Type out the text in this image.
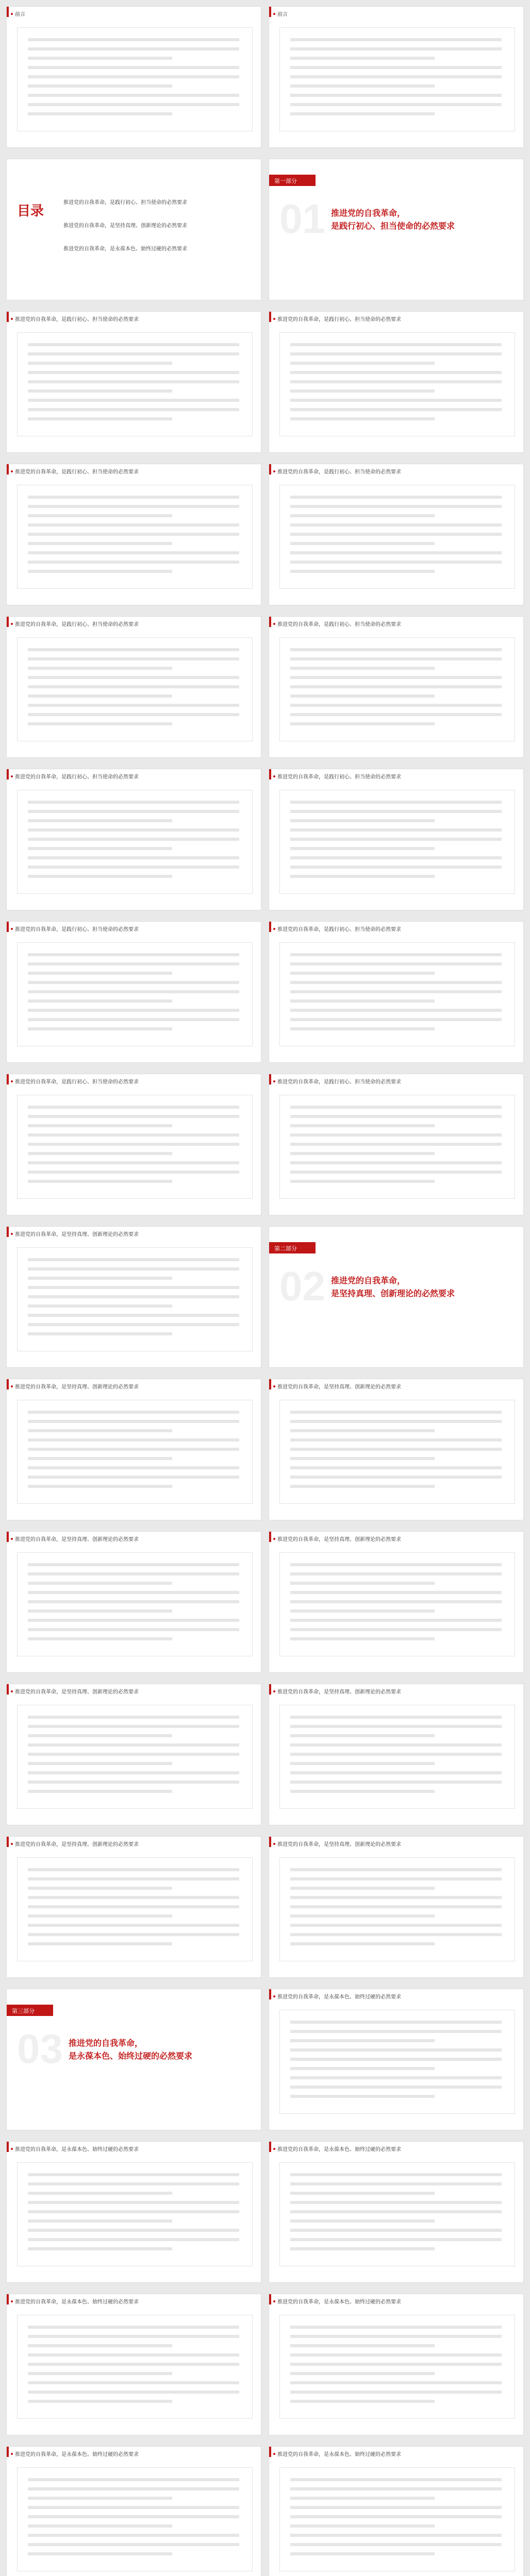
前言	前言
目录
推进党的自我革命，是践行初心、担当使命的必然要求
推进党的自我革命，是坚持真理、创新理论的必然要求
推进党的自我革命，是永葆本色、始终过硬的必然要求
第一部分
01 推进党的自我革命，
是践行初心、担当使命的必然要求
推进党的自我革命，是践行初心、担当使命的必然要求	推进党的自我革命，是践行初心、担当使命的必然要求
推进党的自我革命，是践行初心、担当使命的必然要求	推进党的自我革命，是践行初心、担当使命的必然要求
推进党的自我革命，是践行初心、担当使命的必然要求	推进党的自我革命，是践行初心、担当使命的必然要求
推进党的自我革命，是践行初心、担当使命的必然要求	推进党的自我革命，是践行初心、担当使命的必然要求
推进党的自我革命，是践行初心、担当使命的必然要求	推进党的自我革命，是践行初心、担当使命的必然要求
推进党的自我革命，是践行初心、担当使命的必然要求	推进党的自我革命，是践行初心、担当使命的必然要求
推进党的自我革命，是坚持真理、创新理论的必然要求
第二部分
02 推进党的自我革命，
是坚持真理、创新理论的必然要求
推进党的自我革命，是坚持真理、创新理论的必然要求	推进党的自我革命，是坚持真理、创新理论的必然要求
推进党的自我革命，是坚持真理、创新理论的必然要求	推进党的自我革命，是坚持真理、创新理论的必然要求
推进党的自我革命，是坚持真理、创新理论的必然要求	推进党的自我革命，是坚持真理、创新理论的必然要求
推进党的自我革命，是坚持真理、创新理论的必然要求	推进党的自我革命，是坚持真理、创新理论的必然要求
第三部分
03 推进党的自我革命，
是永葆本色、始终过硬的必然要求
推进党的自我革命，是永葆本色、始终过硬的必然要求
推进党的自我革命，是永葆本色、始终过硬的必然要求	推进党的自我革命，是永葆本色、始终过硬的必然要求
推进党的自我革命，是永葆本色、始终过硬的必然要求	推进党的自我革命，是永葆本色、始终过硬的必然要求
推进党的自我革命，是永葆本色、始终过硬的必然要求	推进党的自我革命，是永葆本色、始终过硬的必然要求
